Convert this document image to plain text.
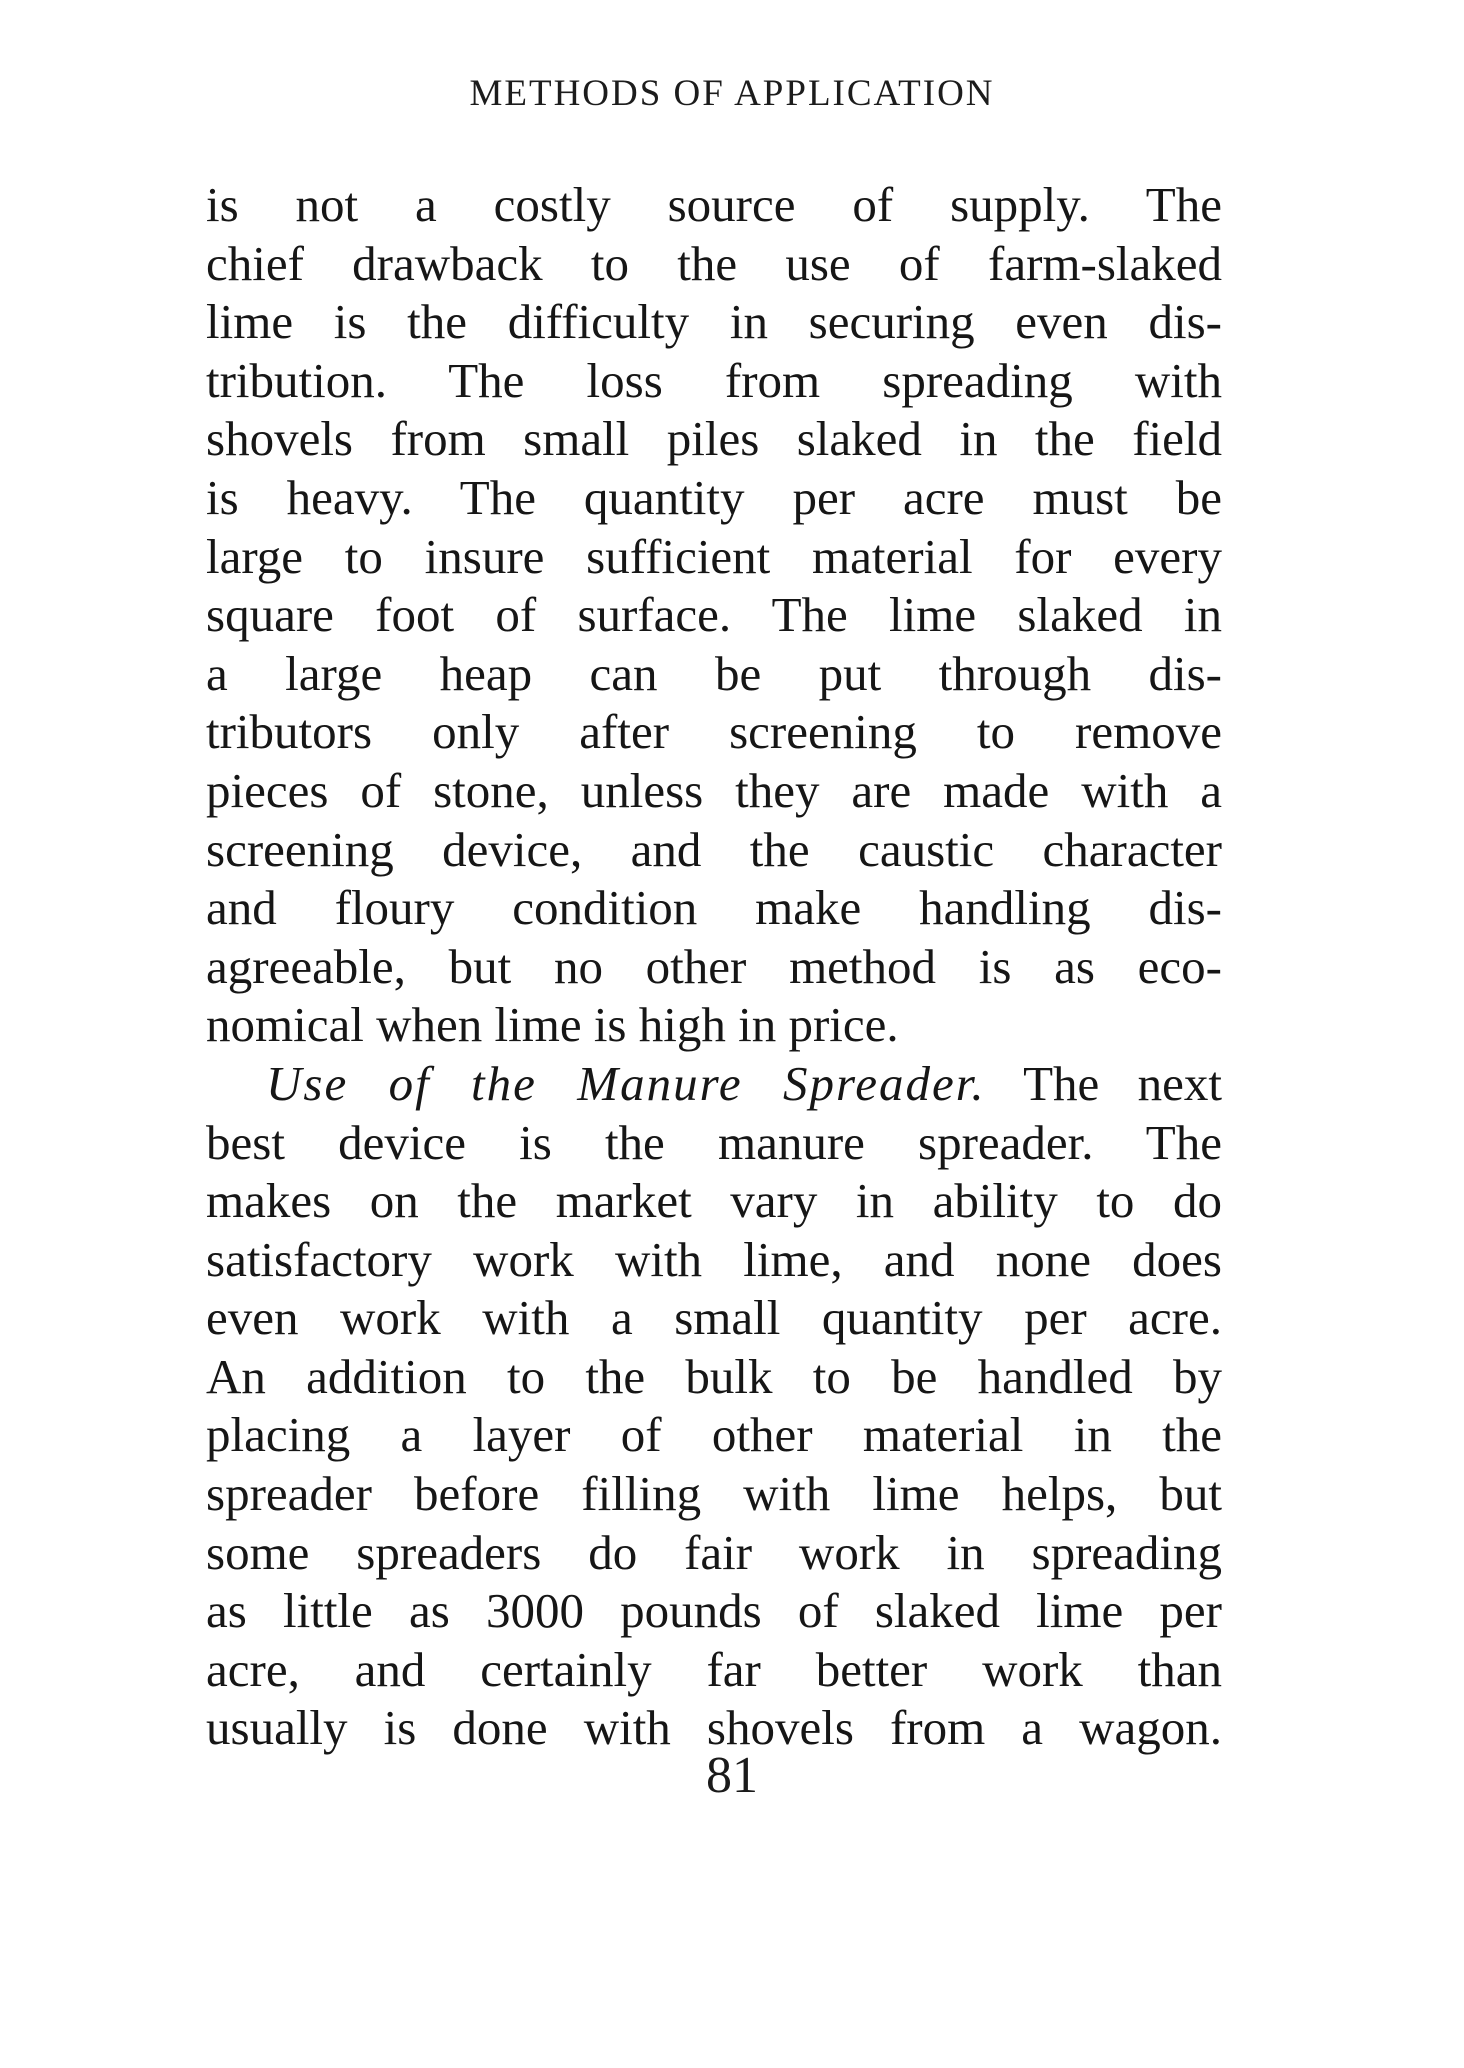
METHODS OF APPLICATION
is not a costly source of supply. The
chief drawback to the use of farm-slaked
lime is the difficulty in securing even dis-
tribution. The loss from spreading with
shovels from small piles slaked in the field
is heavy. The quantity per acre must be
large to insure sufficient material for every
square foot of surface. The lime slaked in
a large heap can be put through dis-
tributors only after screening to remove
pieces of stone, unless they are made with a
screening device, and the caustic character
and floury condition make handling dis-
agreeable, but no other method is as eco-
nomical when lime is high in price.
Use of the Manure Spreader. The next
best device is the manure spreader. The
makes on the market vary in ability to do
satisfactory work with lime, and none does
even work with a small quantity per acre.
An addition to the bulk to be handled by
placing a layer of other material in the
spreader before filling with lime helps, but
some spreaders do fair work in spreading
as little as 3000 pounds of slaked lime per
acre, and certainly far better work than
usually is done with shovels from a wagon.
81
